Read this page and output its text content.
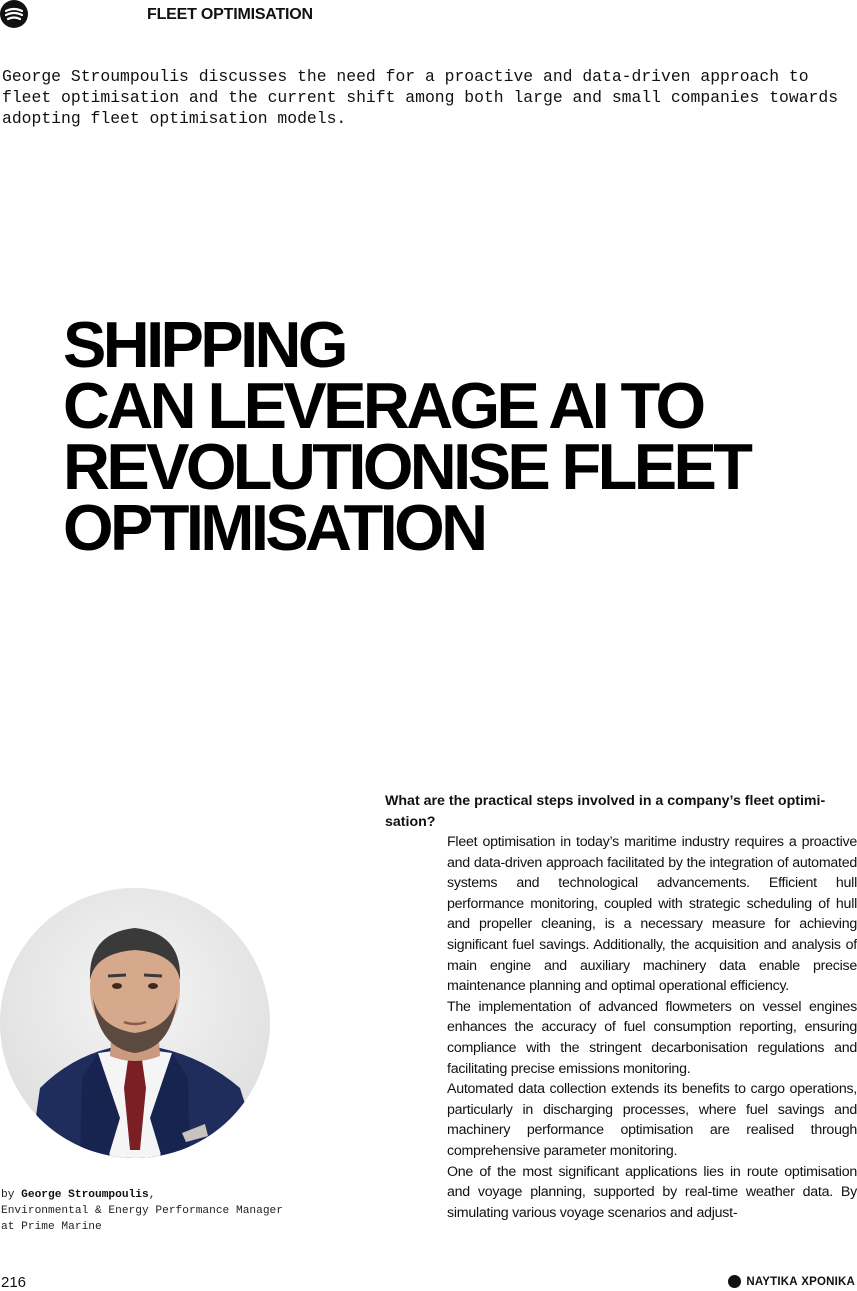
FLEET OPTIMISATION
George Stroumpoulis discusses the need for a proactive and data-driven approach to
fleet optimisation and the current shift among both large and small companies towards
adopting fleet optimisation models.
SHIPPING
CAN LEVERAGE AI TO
REVOLUTIONISE FLEET
OPTIMISATION
by George Stroumpoulis,
Environmental & Energy Performance Manager
at Prime Marine
What are the practical steps involved in a company’s fleet optimi-sation?

Fleet optimisation in today’s maritime industry requires a proactive and data-driven approach facilitated by the integration of automated systems and technological advancements. Efficient hull performance monitoring, coupled with strategic scheduling of hull and propeller cleaning, is a necessary measure for achieving significant fuel savings. Additionally, the acquisition and analysis of main engine and auxiliary machinery data enable precise maintenance planning and optimal operational efficiency.

The implementation of advanced flowmeters on vessel engines enhances the accuracy of fuel consumption reporting, ensuring compliance with the stringent decarbonisation regulations and facilitating precise emissions monitoring.

Automated data collection extends its benefits to cargo operations, particularly in discharging processes, where fuel savings and machinery performance optimisation are realised through comprehensive parameter monitoring.

One of the most significant applications lies in route optimisation and voyage planning, supported by real-time weather data. By simulating various voyage scenarios and adjust-

216	ΝΑΥΤΙΚΑ ΧΡΟΝΙΚΑ
